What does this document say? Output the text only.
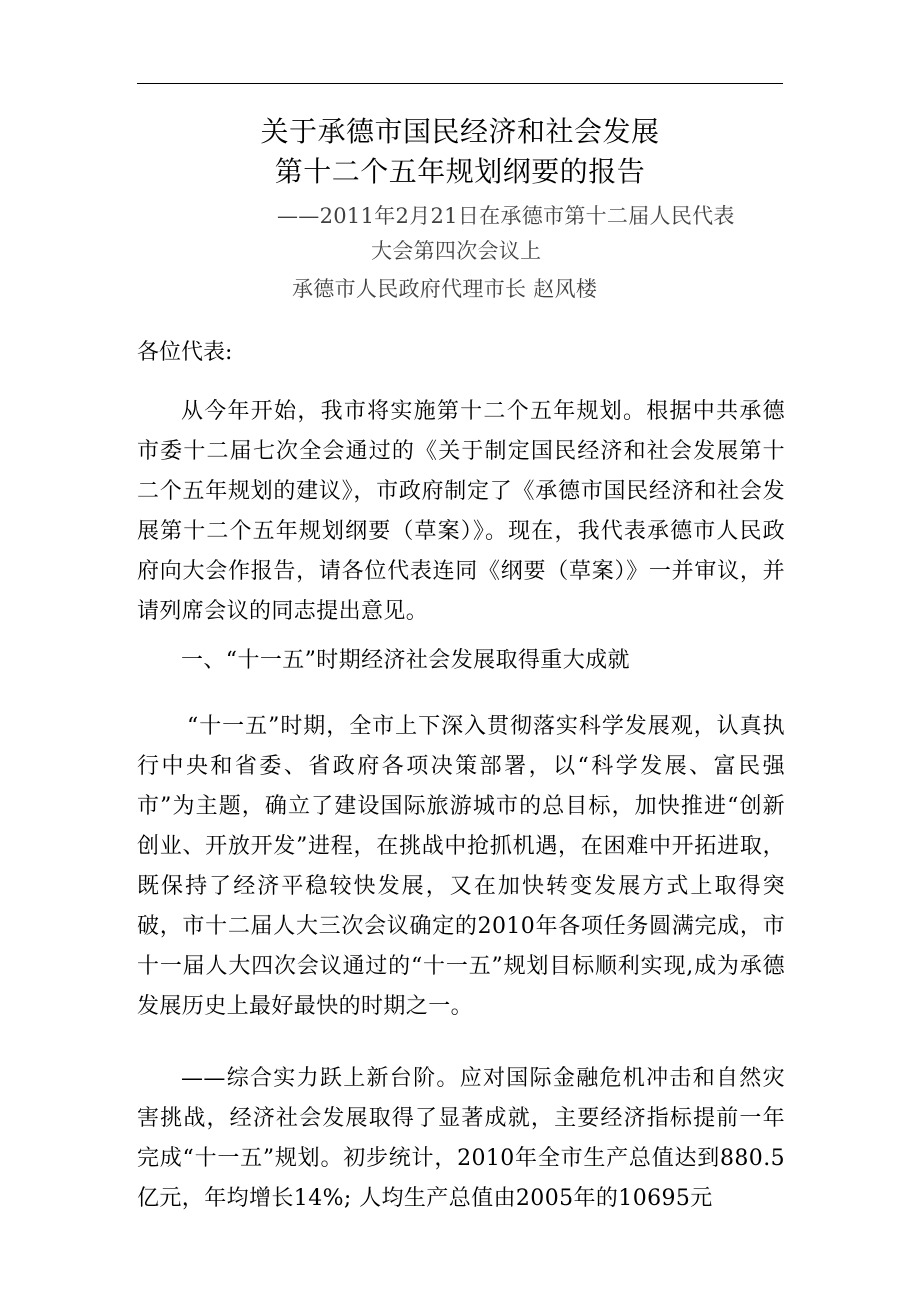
关于承德市国民经济和社会发展
第十二个五年规划纲要的报告
——2011年2月21日在承德市第十二届人民代表
大会第四次会议上
承德市人民政府代理市长 赵风楼
各位代表:

从今年开始，我市将实施第十二个五年规划。根据中共承德市委十二届七次全会通过的《关于制定国民经济和社会发展第十二个五年规划的建议》，市政府制定了《承德市国民经济和社会发展第十二个五年规划纲要（草案）》。现在，我代表承德市人民政府向大会作报告，请各位代表连同《纲要（草案）》一并审议，并请列席会议的同志提出意见。

一、“十一五”时期经济社会发展取得重大成就

“十一五”时期，全市上下深入贯彻落实科学发展观，认真执行中央和省委、省政府各项决策部署，以“科学发展、富民强市”为主题，确立了建设国际旅游城市的总目标，加快推进“创新创业、开放开发”进程，在挑战中抢抓机遇，在困难中开拓进取，既保持了经济平稳较快发展，又在加快转变发展方式上取得突破，市十二届人大三次会议确定的2010年各项任务圆满完成，市十一届人大四次会议通过的“十一五”规划目标顺利实现,成为承德发展历史上最好最快的时期之一。

——综合实力跃上新台阶。应对国际金融危机冲击和自然灾害挑战，经济社会发展取得了显著成就，主要经济指标提前一年完成“十一五”规划。初步统计，2010年全市生产总值达到880.5亿元，年均增长14%; 人均生产总值由2005年的10695元
